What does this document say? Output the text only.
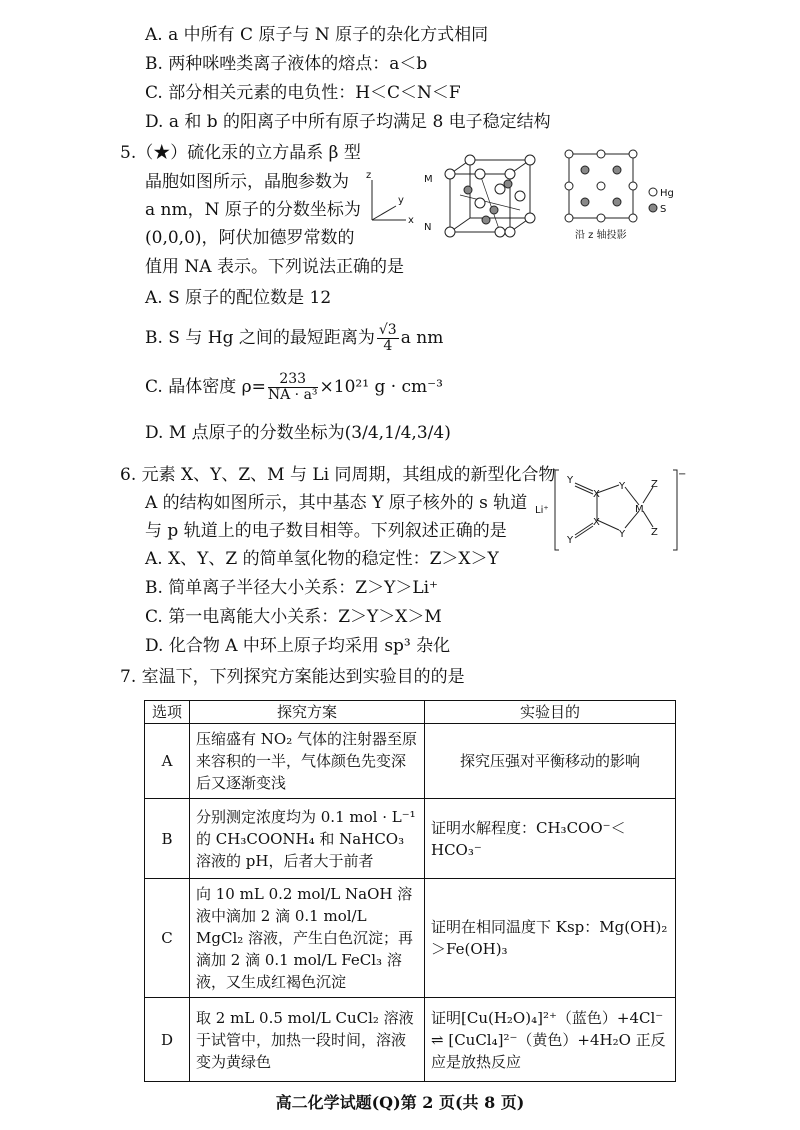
A. a 中所有 C 原子与 N 原子的杂化方式相同
B. 两种咪唑类离子液体的熔点：a＜b
C. 部分相关元素的电负性：H＜C＜N＜F
D. a 和 b 的阳离子中所有原子均满足 8 电子稳定结构
5.（★）硫化汞的立方晶系 β 型
晶胞如图所示，晶胞参数为
a nm，N 原子的分数坐标为
(0,0,0)，阿伏加德罗常数的
值用 NA 表示。下列说法正确的是
z
y
x
M
N
Hg
S
沿 z 轴投影
A. S 原子的配位数是 12
B. S 与 Hg 之间的最短距离为 $\frac{√3}{4}$ a nm
C. 晶体密度 $\rho= \frac{233}{\text{NA · a³}} \times 10^{21}$ g · cm⁻³
D. M 点原子的分数坐标为(3/4,1/4,3/4)
6. 元素 X、Y、Z、M 与 Li 同周期，其组成的新型化合物
A 的结构如图所示，其中基态 Y 原子核外的 s 轨道
与 p 轨道上的电子数目相等。下列叙述正确的是
Li⁺
−
Y
X
Y
M
Z
Z
X
Y
Y
A. X、Y、Z 的简单氢化物的稳定性：Z＞X＞Y
B. 简单离子半径大小关系：Z＞Y＞Li⁺
C. 第一电离能大小关系：Z＞Y＞X＞M
D. 化合物 A 中环上原子均采用 sp³ 杂化
7. 室温下，下列探究方案能达到实验目的的是
选项	探究方案	实验目的
A	压缩盛有 NO₂ 气体的注射器至原来容积的一半，气体颜色先变深后又逐渐变浅	探究压强对平衡移动的影响
B	分别测定浓度均为 0.1 mol · L⁻¹ 的 CH₃COONH₄ 和 NaHCO₃ 溶液的 pH，后者大于前者	证明水解程度：CH₃COO⁻＜HCO₃⁻
C	向 10 mL 0.2 mol/L NaOH 溶液中滴加 2 滴 0.1 mol/L MgCl₂ 溶液，产生白色沉淀；再滴加 2 滴 0.1 mol/L FeCl₃ 溶液，又生成红褐色沉淀	证明在相同温度下 Ksp：Mg(OH)₂＞Fe(OH)₃
D	取 2 mL 0.5 mol/L CuCl₂ 溶液于试管中，加热一段时间，溶液变为黄绿色	证明[Cu(H₂O)₄]²⁺（蓝色）+4Cl⁻ ⇌ [CuCl₄]²⁻（黄色）+4H₂O 正反应是放热反应
高二化学试题(Q)第 2 页(共 8 页)
